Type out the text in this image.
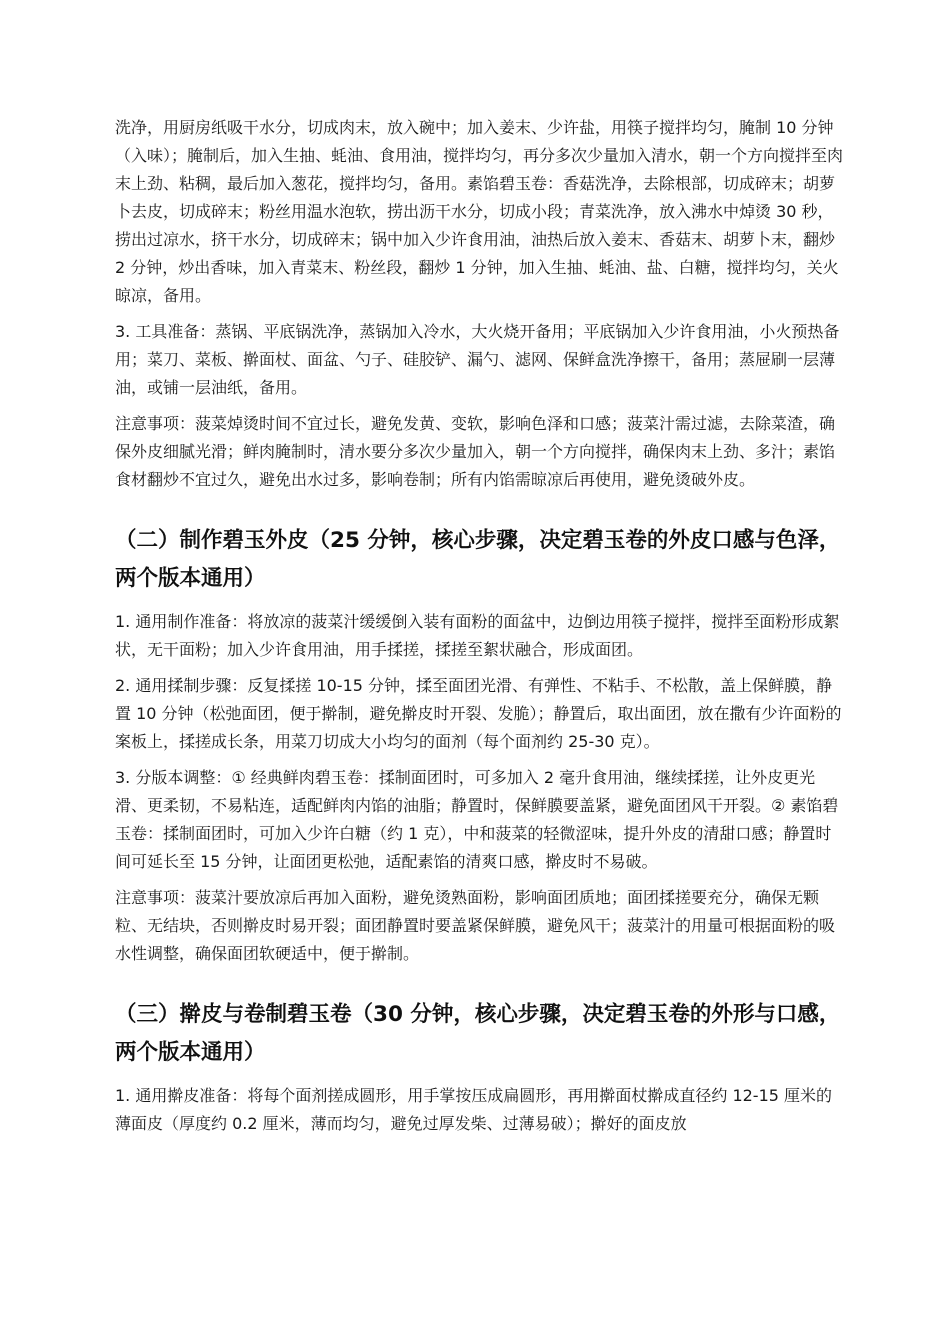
洗净，用厨房纸吸干水分，切成肉末，放入碗中；加入姜末、少许盐，用筷子搅拌均匀，腌制 10 分钟（入味）；腌制后，加入生抽、蚝油、食用油，搅拌均匀，再分多次少量加入清水，朝一个方向搅拌至肉末上劲、粘稠，最后加入葱花，搅拌均匀，备用。素馅碧玉卷：香菇洗净，去除根部，切成碎末；胡萝卜去皮，切成碎末；粉丝用温水泡软，捞出沥干水分，切成小段；青菜洗净，放入沸水中焯烫 30 秒，捞出过凉水，挤干水分，切成碎末；锅中加入少许食用油，油热后放入姜末、香菇末、胡萝卜末，翻炒 2 分钟，炒出香味，加入青菜末、粉丝段，翻炒 1 分钟，加入生抽、蚝油、盐、白糖，搅拌均匀，关火晾凉，备用。

3. 工具准备：蒸锅、平底锅洗净，蒸锅加入冷水，大火烧开备用；平底锅加入少许食用油，小火预热备用；菜刀、菜板、擀面杖、面盆、勺子、硅胶铲、漏勺、滤网、保鲜盒洗净擦干，备用；蒸屉刷一层薄油，或铺一层油纸，备用。

注意事项：菠菜焯烫时间不宜过长，避免发黄、变软，影响色泽和口感；菠菜汁需过滤，去除菜渣，确保外皮细腻光滑；鲜肉腌制时，清水要分多次少量加入，朝一个方向搅拌，确保肉末上劲、多汁；素馅食材翻炒不宜过久，避免出水过多，影响卷制；所有内馅需晾凉后再使用，避免烫破外皮。

（二）制作碧玉外皮（25 分钟，核心步骤，决定碧玉卷的外皮口感与色泽，两个版本通用）

1. 通用制作准备：将放凉的菠菜汁缓缓倒入装有面粉的面盆中，边倒边用筷子搅拌，搅拌至面粉形成絮状，无干面粉；加入少许食用油，用手揉搓，揉搓至絮状融合，形成面团。

2. 通用揉制步骤：反复揉搓 10-15 分钟，揉至面团光滑、有弹性、不粘手、不松散，盖上保鲜膜，静置 10 分钟（松弛面团，便于擀制，避免擀皮时开裂、发脆）；静置后，取出面团，放在撒有少许面粉的案板上，揉搓成长条，用菜刀切成大小均匀的面剂（每个面剂约 25-30 克）。

3. 分版本调整：① 经典鲜肉碧玉卷：揉制面团时，可多加入 2 毫升食用油，继续揉搓，让外皮更光滑、更柔韧，不易粘连，适配鲜肉内馅的油脂；静置时，保鲜膜要盖紧，避免面团风干开裂。② 素馅碧玉卷：揉制面团时，可加入少许白糖（约 1 克），中和菠菜的轻微涩味，提升外皮的清甜口感；静置时间可延长至 15 分钟，让面团更松弛，适配素馅的清爽口感，擀皮时不易破。

注意事项：菠菜汁要放凉后再加入面粉，避免烫熟面粉，影响面团质地；面团揉搓要充分，确保无颗粒、无结块，否则擀皮时易开裂；面团静置时要盖紧保鲜膜，避免风干；菠菜汁的用量可根据面粉的吸水性调整，确保面团软硬适中，便于擀制。

（三）擀皮与卷制碧玉卷（30 分钟，核心步骤，决定碧玉卷的外形与口感，两个版本通用）

1. 通用擀皮准备：将每个面剂搓成圆形，用手掌按压成扁圆形，再用擀面杖擀成直径约 12-15 厘米的薄面皮（厚度约 0.2 厘米，薄而均匀，避免过厚发柴、过薄易破）；擀好的面皮放
